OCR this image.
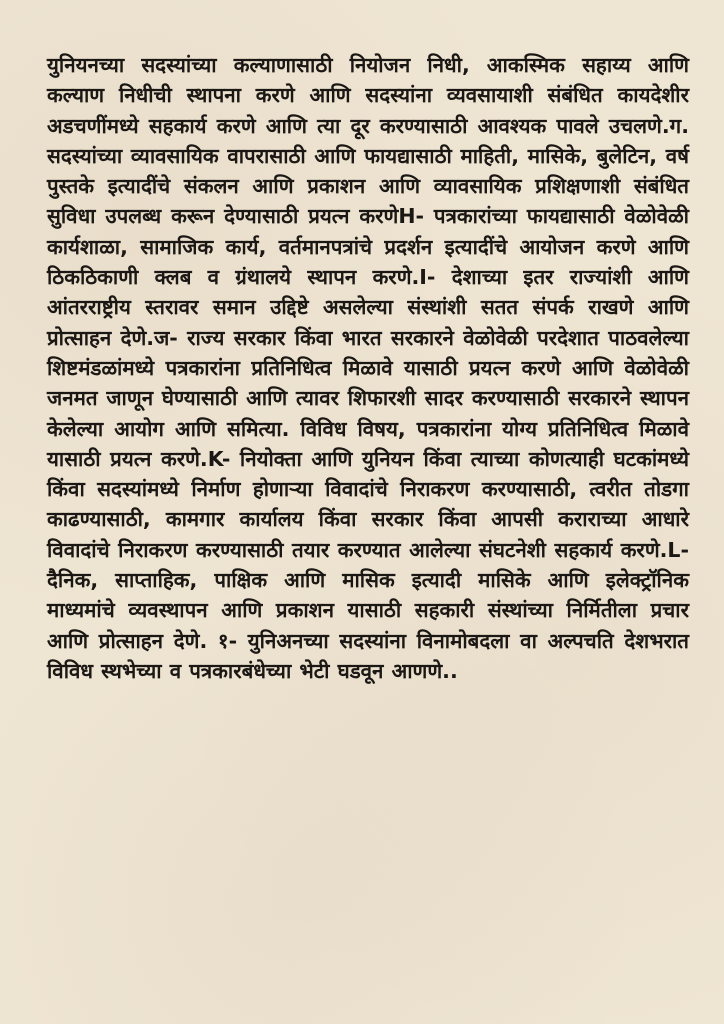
युनियनच्या सदस्यांच्या कल्याणासाठी नियोजन निधी, आकस्मिक सहाय्य आणि कल्याण निधीची स्थापना करणे आणि सदस्यांना व्यवसायाशी संबंधित कायदेशीर अडचणींमध्ये सहकार्य करणे आणि त्या दूर करण्यासाठी आवश्यक पावले उचलणे.ग. सदस्यांच्या व्यावसायिक वापरासाठी आणि फायद्यासाठी माहिती, मासिके, बुलेटिन, वर्ष पुस्तके इत्यादींचे संकलन आणि प्रकाशन आणि व्यावसायिक प्रशिक्षणाशी संबंधित सुविधा उपलब्ध करून देण्यासाठी प्रयत्न करणेH- पत्रकारांच्या फायद्यासाठी वेळोवेळी कार्यशाळा, सामाजिक कार्य, वर्तमानपत्रांचे प्रदर्शन इत्यादींचे आयोजन करणे आणि ठिकठिकाणी क्लब व ग्रंथालये स्थापन करणे.I- देशाच्या इतर राज्यांशी आणि आंतरराष्ट्रीय स्तरावर समान उद्दिष्टे असलेल्या संस्थांशी सतत संपर्क राखणे आणि प्रोत्साहन देणे.ज- राज्य सरकार किंवा भारत सरकारने वेळोवेळी परदेशात पाठवलेल्या शिष्टमंडळांमध्ये पत्रकारांना प्रतिनिधित्व मिळावे यासाठी प्रयत्न करणे आणि वेळोवेळी जनमत जाणून घेण्यासाठी आणि त्यावर शिफारशी सादर करण्यासाठी सरकारने स्थापन केलेल्या आयोग आणि समित्या. विविध विषय, पत्रकारांना योग्य प्रतिनिधित्व मिळावे यासाठी प्रयत्न करणे.K- नियोक्ता आणि युनियन किंवा त्याच्या कोणत्याही घटकांमध्ये किंवा सदस्यांमध्ये निर्माण होणाऱ्या विवादांचे निराकरण करण्यासाठी, त्वरीत तोडगा काढण्यासाठी, कामगार कार्यालय किंवा सरकार किंवा आपसी कराराच्या आधारे विवादांचे निराकरण करण्यासाठी तयार करण्यात आलेल्या संघटनेशी सहकार्य करणे.L- दैनिक, साप्ताहिक, पाक्षिक आणि मासिक इत्यादी मासिके आणि इलेक्ट्रॉनिक माध्यमांचे व्यवस्थापन आणि प्रकाशन यासाठी सहकारी संस्थांच्या निर्मितीला प्रचार आणि प्रोत्साहन देणे. १- युनिअनच्या सदस्यांना विनामोबदला वा अल्पचति देशभरात विविध स्थभेच्या व पत्रकारबंधेच्या भेटी घडवून आणणे..
